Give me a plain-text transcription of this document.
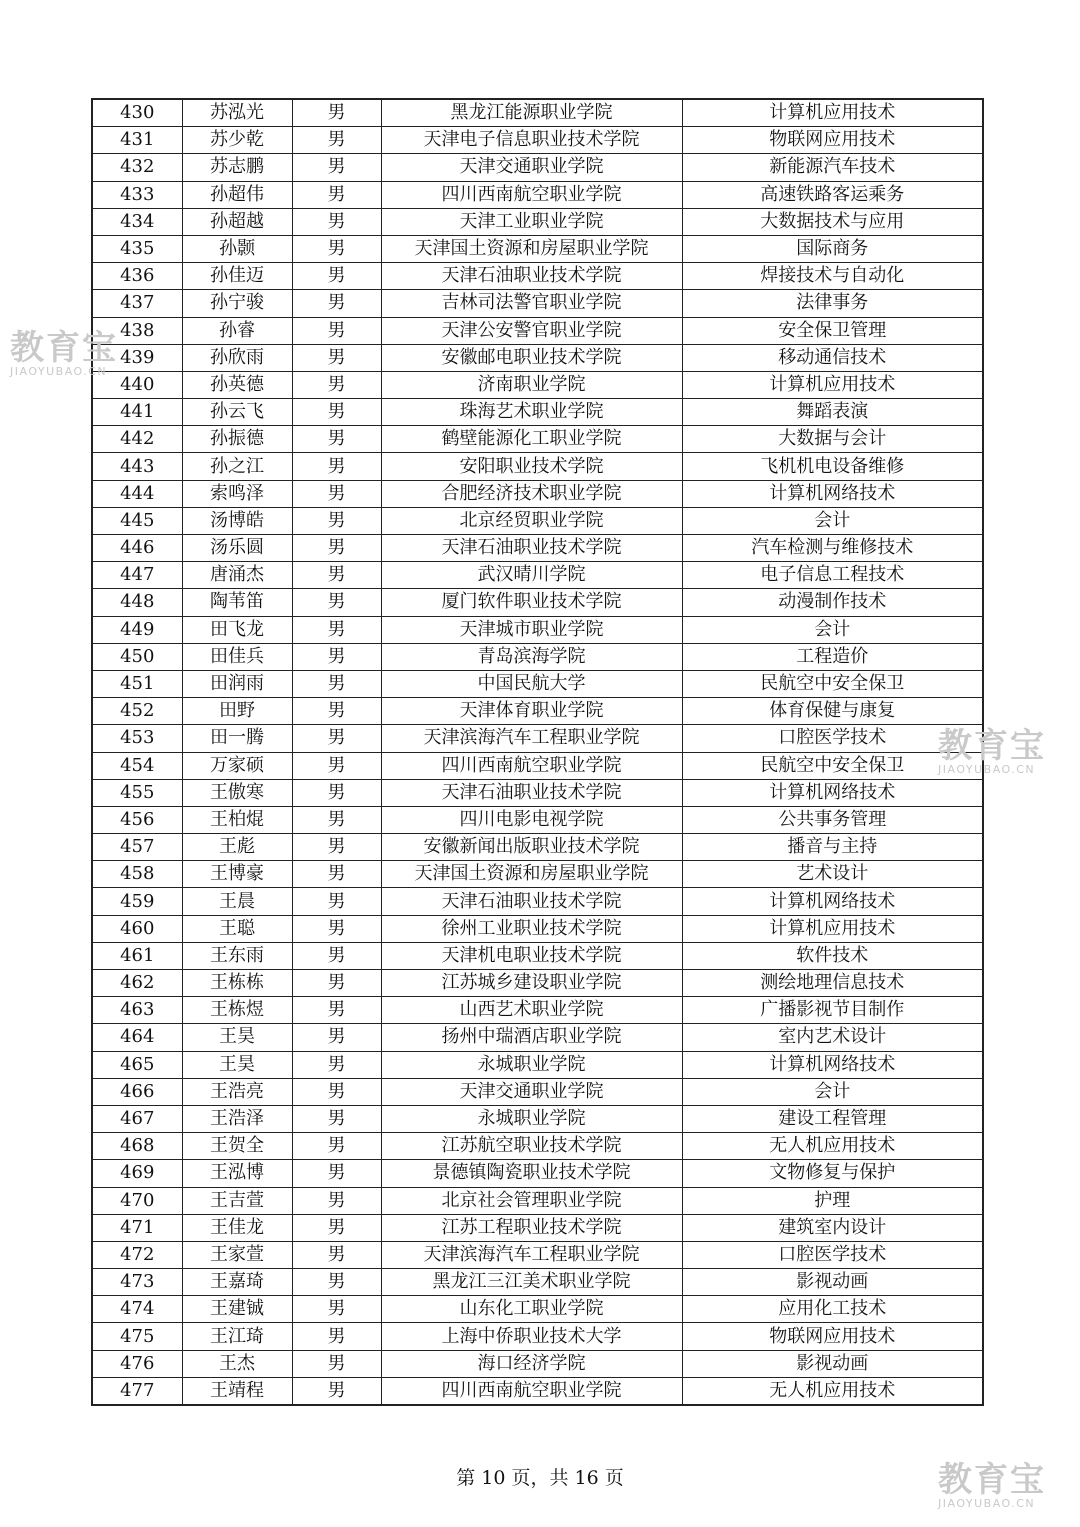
430	苏泓光	男	黑龙江能源职业学院	计算机应用技术
431	苏少乾	男	天津电子信息职业技术学院	物联网应用技术
432	苏志鹏	男	天津交通职业学院	新能源汽车技术
433	孙超伟	男	四川西南航空职业学院	高速铁路客运乘务
434	孙超越	男	天津工业职业学院	大数据技术与应用
435	孙颢	男	天津国土资源和房屋职业学院	国际商务
436	孙佳迈	男	天津石油职业技术学院	焊接技术与自动化
437	孙宁骏	男	吉林司法警官职业学院	法律事务
438	孙睿	男	天津公安警官职业学院	安全保卫管理
439	孙欣雨	男	安徽邮电职业技术学院	移动通信技术
440	孙英德	男	济南职业学院	计算机应用技术
441	孙云飞	男	珠海艺术职业学院	舞蹈表演
442	孙振德	男	鹤壁能源化工职业学院	大数据与会计
443	孙之江	男	安阳职业技术学院	飞机机电设备维修
444	索鸣泽	男	合肥经济技术职业学院	计算机网络技术
445	汤博皓	男	北京经贸职业学院	会计
446	汤乐圆	男	天津石油职业技术学院	汽车检测与维修技术
447	唐涌杰	男	武汉晴川学院	电子信息工程技术
448	陶苇笛	男	厦门软件职业技术学院	动漫制作技术
449	田飞龙	男	天津城市职业学院	会计
450	田佳兵	男	青岛滨海学院	工程造价
451	田润雨	男	中国民航大学	民航空中安全保卫
452	田野	男	天津体育职业学院	体育保健与康复
453	田一腾	男	天津滨海汽车工程职业学院	口腔医学技术
454	万家硕	男	四川西南航空职业学院	民航空中安全保卫
455	王傲寒	男	天津石油职业技术学院	计算机网络技术
456	王柏焜	男	四川电影电视学院	公共事务管理
457	王彪	男	安徽新闻出版职业技术学院	播音与主持
458	王博豪	男	天津国土资源和房屋职业学院	艺术设计
459	王晨	男	天津石油职业技术学院	计算机网络技术
460	王聪	男	徐州工业职业技术学院	计算机应用技术
461	王东雨	男	天津机电职业技术学院	软件技术
462	王栋栋	男	江苏城乡建设职业学院	测绘地理信息技术
463	王栋煜	男	山西艺术职业学院	广播影视节目制作
464	王昊	男	扬州中瑞酒店职业学院	室内艺术设计
465	王昊	男	永城职业学院	计算机网络技术
466	王浩亮	男	天津交通职业学院	会计
467	王浩泽	男	永城职业学院	建设工程管理
468	王贺全	男	江苏航空职业技术学院	无人机应用技术
469	王泓博	男	景德镇陶瓷职业技术学院	文物修复与保护
470	王吉萱	男	北京社会管理职业学院	护理
471	王佳龙	男	江苏工程职业技术学院	建筑室内设计
472	王家萱	男	天津滨海汽车工程职业学院	口腔医学技术
473	王嘉琦	男	黑龙江三江美术职业学院	影视动画
474	王建铖	男	山东化工职业学院	应用化工技术
475	王江琦	男	上海中侨职业技术大学	物联网应用技术
476	王杰	男	海口经济学院	影视动画
477	王靖程	男	四川西南航空职业学院	无人机应用技术
教育宝
JIAOYUBAO.CN
教育宝
JIAOYUBAO.CN
教育宝
JIAOYUBAO.CN
第 10 页，共 16 页
